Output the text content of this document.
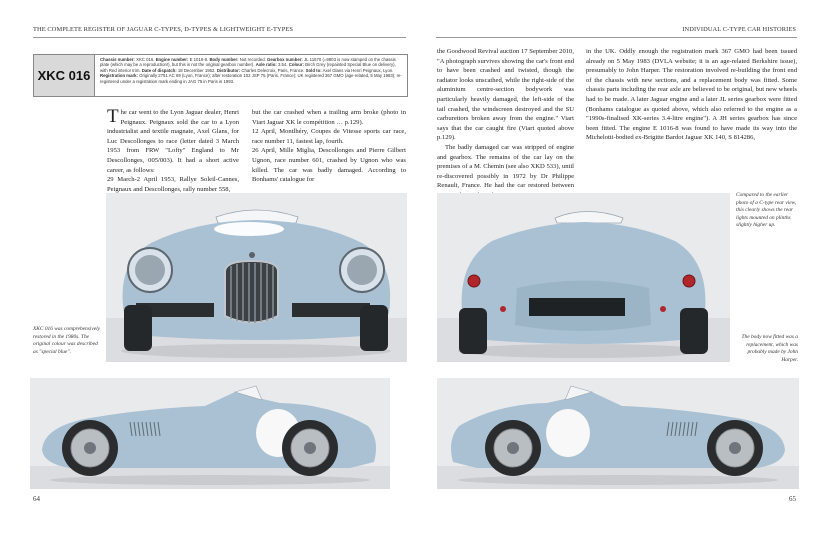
THE COMPLETE REGISTER OF JAGUAR C-TYPES, D-TYPES & LIGHTWEIGHT E-TYPES	INDIVIDUAL C-TYPE CAR HISTORIES
XKC 016
Chassis number: XKC 016. Engine number: E 1016-8. Body number: Not recorded. Gearbox number: JL 11670 (=9803 is now stamped on the chassis plate (which may be a reproduction!), but this is not the original gearbox number). Axle ratio: 3.54. Colour: Birch Grey (repainted Special Blue on delivery), with Red interior trim. Date of dispatch: 18 December 1952. Distributor: Charles Delecroix, Paris, France. Sold to: Axel Glans via Henri Peignaux, Lyon. Registration mark: Originally 2751 AC 69 (Lyon, France); after restoration 102 JSP 75 (Paris, France); UK registered 367 GMO (age-related, 5 May 1983); re-registered under a registration mark ending in JAG 75 in Paris in 1993.

The car went to the Lyon Jaguar dealer, Henri Peignaux. Peignaux sold the car to a Lyon industrialist and textile magnate, Axel Glans, for Luc Descollonges to race (letter dated 3 March 1953 from FRW "Lofty" England to Mr Descollonges, 005/003). It had a short active career, as follows:

29 March-2 April 1953, Rallye Soleil-Cannes, Peignaux and Descollonges, rally number 558,

but the car crashed when a trailing arm broke (photo in Viart Jaguar XK le compétition … p.129).

12 April, Montlhéry, Coupes de Vitesse sports car race, race number 11, fastest lap, fourth.

26 April, Mille Miglia, Descollonges and Pierre Gilbert Ugnon, race number 601, crashed by Ugnon who was killed. The car was badly damaged. According to Bonhams' catalogue for

the Goodwood Revival auction 17 September 2010, "A photograph survives showing the car's front end to have been crashed and twisted, though the radiator looks unscathed, while the right-side of the aluminium centre-section bodywork was particularly heavily damaged, the left-side of the tail crashed, the windscreen destroyed and the SU carburettors broken away from the engine." Viart says that the car caught fire (Viart quoted above p.129).

The badly damaged car was stripped of engine and gearbox. The remains of the car lay on the premises of a M. Chemin (see also XKD 533), until re-discovered possibly in 1972 by Dr Philippe Renault, France. He had the car restored between

in the UK. Oddly enough the registration mark 367 GMO had been issued already on 5 May 1983 (DVLA website; it is an age-related Berkshire issue), presumably to John Harper. The restoration involved re-building the front end of the chassis with new sections, and a replacement body was fitted. Some chassis parts including the rear axle are believed to be original, but new wheels had to be made. A later Jaguar engine and a later JL series gearbox were fitted (Bonhams catalogue as quoted above, which also referred to the engine as a "1990s-finalised XK-series 3.4-litre engine"). A JH series gearbox has since been fitted. The engine E 1016-8 was found to have made its way into the Michelotti-bodied ex-Brigitte Bardot Jaguar XK 140, S 814286,

XKC 016 was comprehensively restored in the 1980s. The original colour was described as "special blue".
Compared to the earlier photo of a C-type rear view, this clearly shows the rear lights mounted on plinths slightly higher up.
The body now fitted was a replacement, which was probably made by John Harper.
64	65
